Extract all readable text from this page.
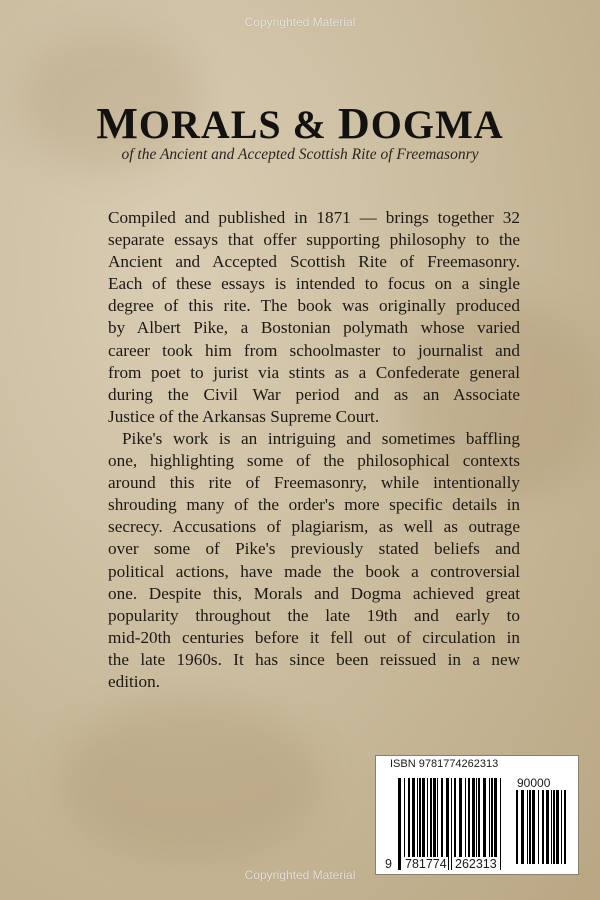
Copyrighted Material
MORALS & DOGMA
of the Ancient and Accepted Scottish Rite of Freemasonry
Compiled and published in 1871 — brings together 32
separate essays that offer supporting philosophy to the
Ancient and Accepted Scottish Rite of Freemasonry.
Each of these essays is intended to focus on a single
degree of this rite. The book was originally produced
by Albert Pike, a Bostonian polymath whose varied
career took him from schoolmaster to journalist and
from poet to jurist via stints as a Confederate general
during the Civil War period and as an Associate
Justice of the Arkansas Supreme Court.
Pike's work is an intriguing and sometimes baffling
one, highlighting some of the philosophical contexts
around this rite of Freemasonry, while intentionally
shrouding many of the order's more specific details in
secrecy. Accusations of plagiarism, as well as outrage
over some of Pike's previously stated beliefs and
political actions, have made the book a controversial
one. Despite this, Morals and Dogma achieved great
popularity throughout the late 19th and early to
mid-20th centuries before it fell out of circulation in
the late 1960s. It has since been reissued in a new
edition.
ISBN 9781774262313
90000
9 781774 262313
Copyrighted Material
